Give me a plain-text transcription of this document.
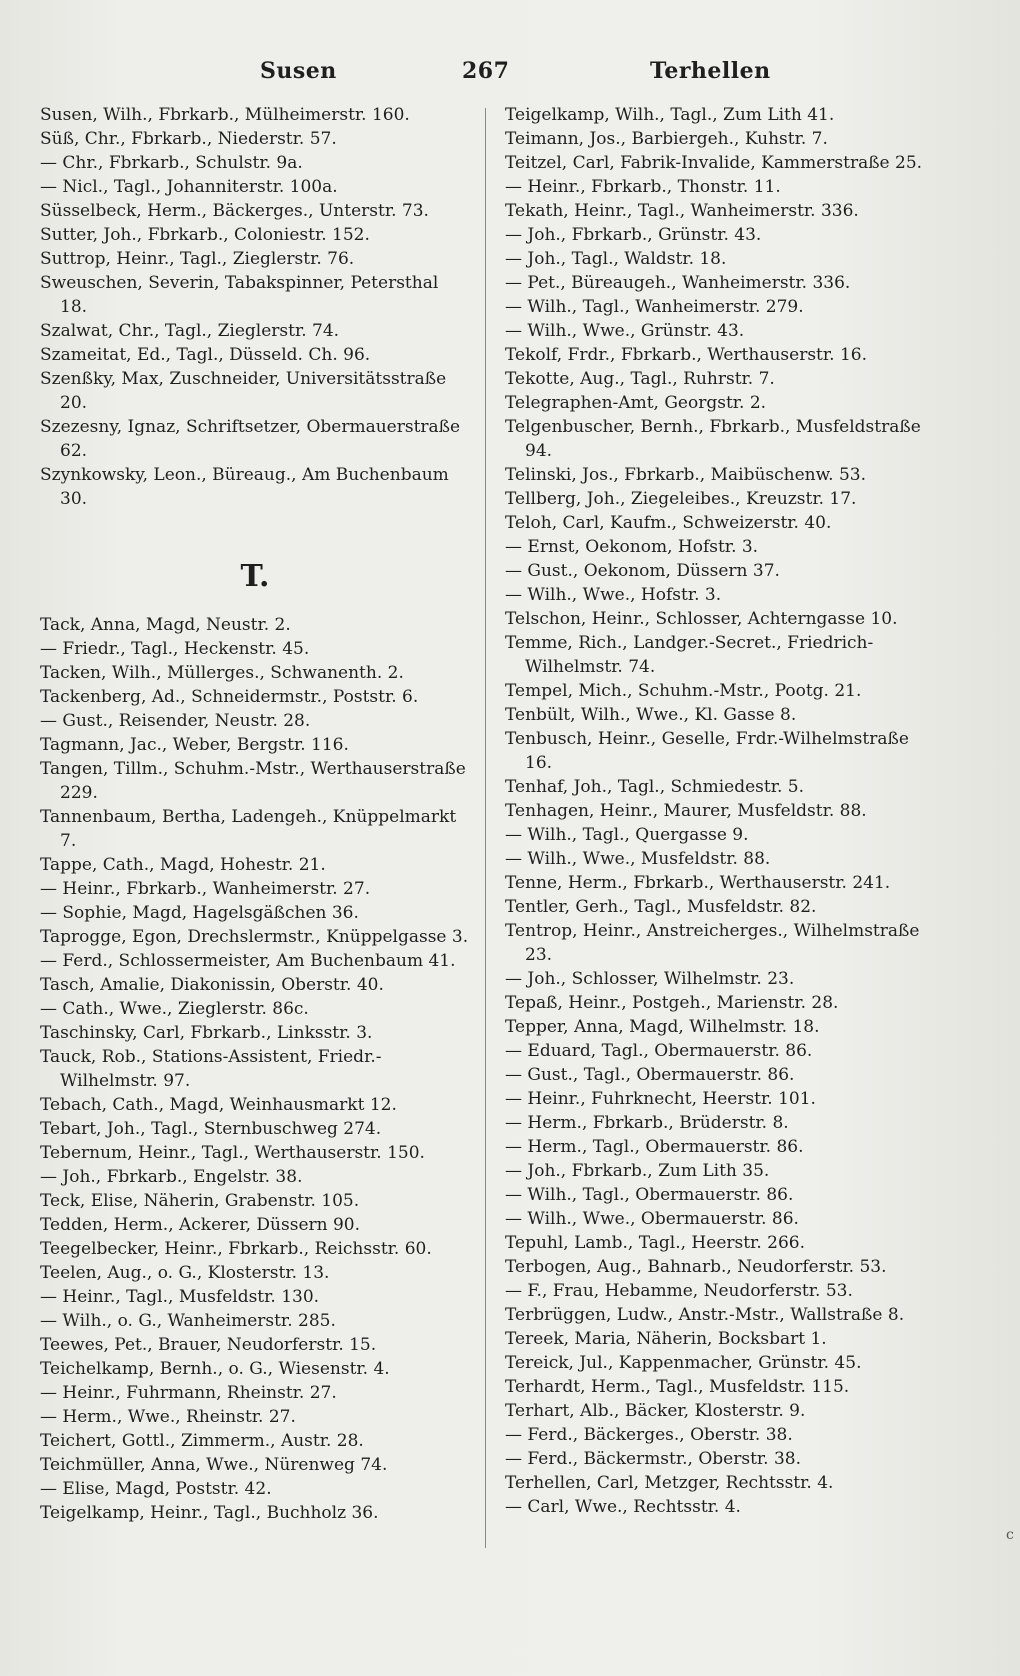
Susen	267	Terhellen

Susen, Wilh., Fbrkarb., Mülheimerstr. 160.

Süß, Chr., Fbrkarb., Niederstr. 57.

— Chr., Fbrkarb., Schulstr. 9a.

— Nicl., Tagl., Johanniterstr. 100a.

Süsselbeck, Herm., Bäckerges., Unterstr. 73.

Sutter, Joh., Fbrkarb., Coloniestr. 152.

Suttrop, Heinr., Tagl., Zieglerstr. 76.

Sweuschen, Severin, Tabakspinner, Petersthal 18.

Szalwat, Chr., Tagl., Zieglerstr. 74.

Szameitat, Ed., Tagl., Düsseld. Ch. 96.

Szenßky, Max, Zuschneider, Universitätsstraße 20.

Szezesny, Ignaz, Schriftsetzer, Obermauerstraße 62.

Szynkowsky, Leon., Büreaug., Am Buchenbaum 30.

T.

Tack, Anna, Magd, Neustr. 2.

— Friedr., Tagl., Heckenstr. 45.

Tacken, Wilh., Müllerges., Schwanenth. 2.

Tackenberg, Ad., Schneidermstr., Poststr. 6.

— Gust., Reisender, Neustr. 28.

Tagmann, Jac., Weber, Bergstr. 116.

Tangen, Tillm., Schuhm.-Mstr., Werthauserstraße 229.

Tannenbaum, Bertha, Ladengeh., Knüppelmarkt 7.

Tappe, Cath., Magd, Hohestr. 21.

— Heinr., Fbrkarb., Wanheimerstr. 27.

— Sophie, Magd, Hagelsgäßchen 36.

Taprogge, Egon, Drechslermstr., Knüppelgasse 3.

— Ferd., Schlossermeister, Am Buchenbaum 41.

Tasch, Amalie, Diakonissin, Oberstr. 40.

— Cath., Wwe., Zieglerstr. 86c.

Taschinsky, Carl, Fbrkarb., Linksstr. 3.

Tauck, Rob., Stations-Assistent, Friedr.-Wilhelmstr. 97.

Tebach, Cath., Magd, Weinhausmarkt 12.

Tebart, Joh., Tagl., Sternbuschweg 274.

Tebernum, Heinr., Tagl., Werthauserstr. 150.

— Joh., Fbrkarb., Engelstr. 38.

Teck, Elise, Näherin, Grabenstr. 105.

Tedden, Herm., Ackerer, Düssern 90.

Teegelbecker, Heinr., Fbrkarb., Reichsstr. 60.

Teelen, Aug., o. G., Klosterstr. 13.

— Heinr., Tagl., Musfeldstr. 130.

— Wilh., o. G., Wanheimerstr. 285.

Teewes, Pet., Brauer, Neudorferstr. 15.

Teichelkamp, Bernh., o. G., Wiesenstr. 4.

— Heinr., Fuhrmann, Rheinstr. 27.

— Herm., Wwe., Rheinstr. 27.

Teichert, Gottl., Zimmerm., Austr. 28.

Teichmüller, Anna, Wwe., Nürenweg 74.

— Elise, Magd, Poststr. 42.

Teigelkamp, Heinr., Tagl., Buchholz 36.

Teigelkamp, Wilh., Tagl., Zum Lith 41.

Teimann, Jos., Barbiergeh., Kuhstr. 7.

Teitzel, Carl, Fabrik-Invalide, Kammerstraße 25.

— Heinr., Fbrkarb., Thonstr. 11.

Tekath, Heinr., Tagl., Wanheimerstr. 336.

— Joh., Fbrkarb., Grünstr. 43.

— Joh., Tagl., Waldstr. 18.

— Pet., Büreaugeh., Wanheimerstr. 336.

— Wilh., Tagl., Wanheimerstr. 279.

— Wilh., Wwe., Grünstr. 43.

Tekolf, Frdr., Fbrkarb., Werthauserstr. 16.

Tekotte, Aug., Tagl., Ruhrstr. 7.

Telegraphen-Amt, Georgstr. 2.

Telgenbuscher, Bernh., Fbrkarb., Musfeldstraße 94.

Telinski, Jos., Fbrkarb., Maibüschenw. 53.

Tellberg, Joh., Ziegeleibes., Kreuzstr. 17.

Teloh, Carl, Kaufm., Schweizerstr. 40.

— Ernst, Oekonom, Hofstr. 3.

— Gust., Oekonom, Düssern 37.

— Wilh., Wwe., Hofstr. 3.

Telschon, Heinr., Schlosser, Achterngasse 10.

Temme, Rich., Landger.-Secret., Friedrich-Wilhelmstr. 74.

Tempel, Mich., Schuhm.-Mstr., Pootg. 21.

Tenbült, Wilh., Wwe., Kl. Gasse 8.

Tenbusch, Heinr., Geselle, Frdr.-Wilhelmstraße 16.

Tenhaf, Joh., Tagl., Schmiedestr. 5.

Tenhagen, Heinr., Maurer, Musfeldstr. 88.

— Wilh., Tagl., Quergasse 9.

— Wilh., Wwe., Musfeldstr. 88.

Tenne, Herm., Fbrkarb., Werthauserstr. 241.

Tentler, Gerh., Tagl., Musfeldstr. 82.

Tentrop, Heinr., Anstreicherges., Wilhelmstraße 23.

— Joh., Schlosser, Wilhelmstr. 23.

Tepaß, Heinr., Postgeh., Marienstr. 28.

Tepper, Anna, Magd, Wilhelmstr. 18.

— Eduard, Tagl., Obermauerstr. 86.

— Gust., Tagl., Obermauerstr. 86.

— Heinr., Fuhrknecht, Heerstr. 101.

— Herm., Fbrkarb., Brüderstr. 8.

— Herm., Tagl., Obermauerstr. 86.

— Joh., Fbrkarb., Zum Lith 35.

— Wilh., Tagl., Obermauerstr. 86.

— Wilh., Wwe., Obermauerstr. 86.

Tepuhl, Lamb., Tagl., Heerstr. 266.

Terbogen, Aug., Bahnarb., Neudorferstr. 53.

— F., Frau, Hebamme, Neudorferstr. 53.

Terbrüggen, Ludw., Anstr.-Mstr., Wallstraße 8.

Tereek, Maria, Näherin, Bocksbart 1.

Tereick, Jul., Kappenmacher, Grünstr. 45.

Terhardt, Herm., Tagl., Musfeldstr. 115.

Terhart, Alb., Bäcker, Klosterstr. 9.

— Ferd., Bäckerges., Oberstr. 38.

— Ferd., Bäckermstr., Oberstr. 38.

Terhellen, Carl, Metzger, Rechtsstr. 4.

— Carl, Wwe., Rechtsstr. 4.

c
